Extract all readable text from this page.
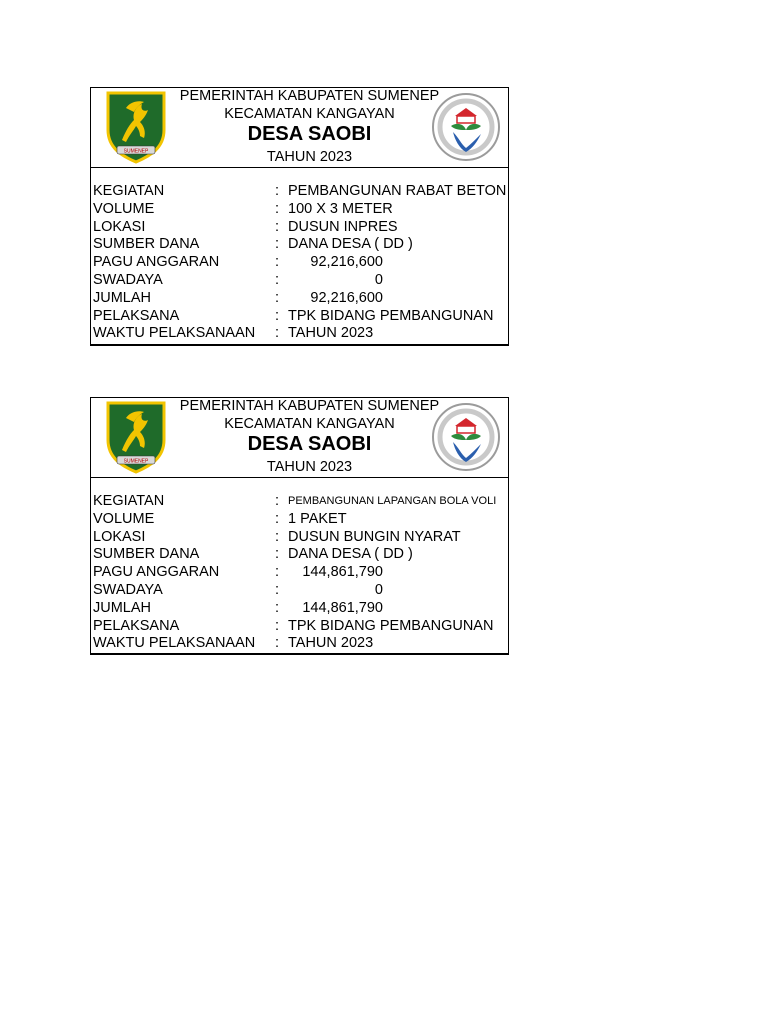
SUMENEP
PEMERINTAH KABUPATEN SUMENEP
KECAMATAN KANGAYAN
DESA SAOBI
TAHUN 2023
KEGIATAN	: PEMBANGUNAN RABAT BETON
VOLUME	: 100 X 3 METER
LOKASI	: DUSUN INPRES
SUMBER DANA	: DANA DESA ( DD )
PAGU ANGGARAN	:	92,216,600
SWADAYA	:	0
JUMLAH	:	92,216,600
PELAKSANA	: TPK BIDANG PEMBANGUNAN
WAKTU PELAKSANAAN : TAHUN 2023
SUMENEP
PEMERINTAH KABUPATEN SUMENEP
KECAMATAN KANGAYAN
DESA SAOBI
TAHUN 2023
KEGIATAN	: PEMBANGUNAN LAPANGAN BOLA VOLI
VOLUME	: 1 PAKET
LOKASI	: DUSUN BUNGIN NYARAT
SUMBER DANA	: DANA DESA ( DD )
PAGU ANGGARAN	:	144,861,790
SWADAYA	:	0
JUMLAH	:	144,861,790
PELAKSANA	: TPK BIDANG PEMBANGUNAN
WAKTU PELAKSANAAN : TAHUN 2023
